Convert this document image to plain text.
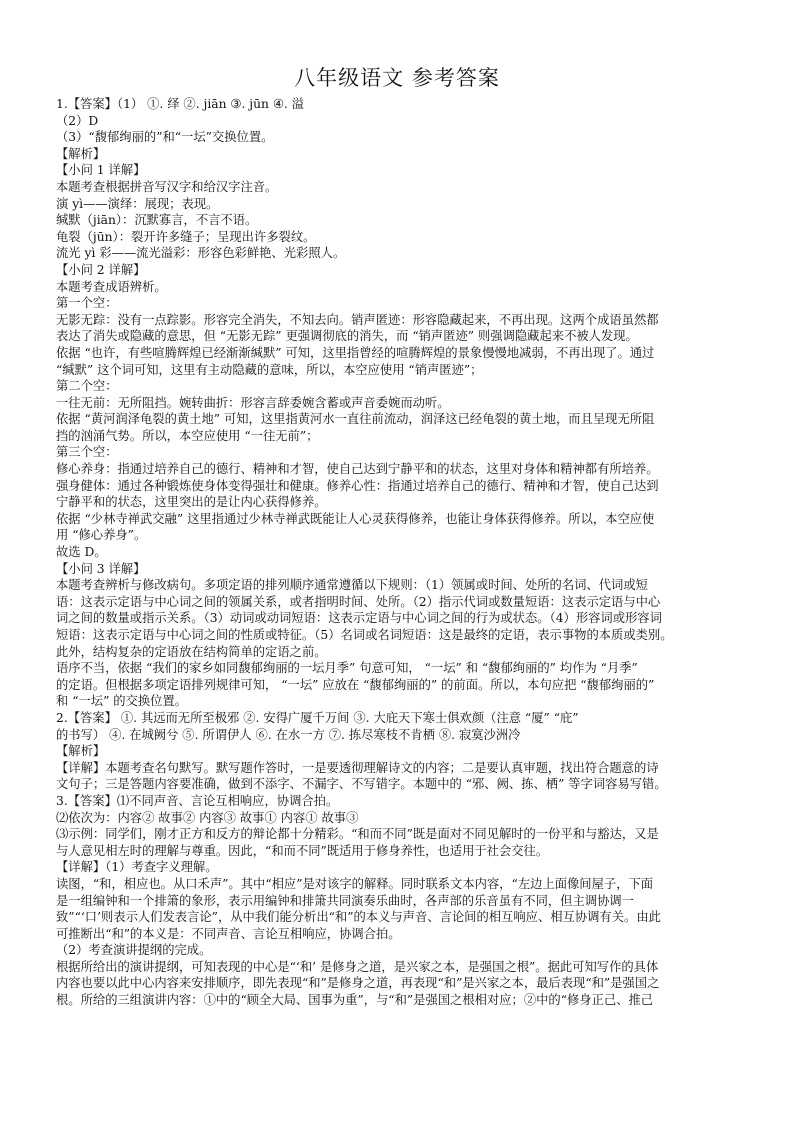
八年级语文 参考答案
1.【答案】（1） ①. 绎 ②. jiān ③. jūn ④. 溢
（2）D
（3）“馥郁绚丽的”和“一坛”交换位置。
【解析】
【小问 1 详解】
本题考查根据拼音写汉字和给汉字注音。
演 yì——演绎：展现；表现。
缄默（jiān）：沉默寡言，不言不语。
龟裂（jūn）：裂开许多缝子；呈现出许多裂纹。
流光 yì 彩——流光溢彩：形容色彩鲜艳、光彩照人。
【小问 2 详解】
本题考查成语辨析。
第一个空：
无影无踪：没有一点踪影。形容完全消失，不知去向。销声匿迹：形容隐藏起来，不再出现。这两个成语虽然都
表达了消失或隐藏的意思，但 “无影无踪” 更强调彻底的消失，而 “销声匿迹” 则强调隐藏起来不被人发现。
依据 “也许，有些喧腾辉煌已经渐渐缄默” 可知，这里指曾经的喧腾辉煌的景象慢慢地减弱，不再出现了。通过
“缄默” 这个词可知，这里有主动隐藏的意味，所以，本空应使用 “销声匿迹”；
第二个空：
一往无前：无所阻挡。婉转曲折：形容言辞委婉含蓄或声音委婉而动听。
依据 “黄河润泽龟裂的黄土地” 可知，这里指黄河水一直往前流动，润泽这已经龟裂的黄土地，而且呈现无所阻
挡的汹涌气势。所以，本空应使用 “一往无前”；
第三个空：
修心养身：指通过培养自己的德行、精神和才智，使自己达到宁静平和的状态，这里对身体和精神都有所培养。
强身健体：通过各种锻炼使身体变得强壮和健康。修养心性：指通过培养自己的德行、精神和才智，使自己达到
宁静平和的状态，这里突出的是让内心获得修养。
依据 “少林寺禅武交融” 这里指通过少林寺禅武既能让人心灵获得修养，也能让身体获得修养。所以，本空应使
用 “修心养身”。
故选 D。
【小问 3 详解】
本题考查辨析与修改病句。多项定语的排列顺序通常遵循以下规则：（1）领属或时间、处所的名词、代词或短
语：这表示定语与中心词之间的领属关系，或者指明时间、处所。（2）指示代词或数量短语：这表示定语与中心
词之间的数量或指示关系。（3）动词或动词短语：这表示定语与中心词之间的行为或状态。（4）形容词或形容词
短语：这表示定语与中心词之间的性质或特征。（5）名词或名词短语：这是最终的定语，表示事物的本质或类别。
此外，结构复杂的定语放在结构简单的定语之前。
语序不当，依据 “我们的家乡如同馥郁绚丽的一坛月季” 句意可知， “一坛” 和 “馥郁绚丽的” 均作为 “月季”
的定语。但根据多项定语排列规律可知， “一坛” 应放在 “馥郁绚丽的” 的前面。所以，本句应把 “馥郁绚丽的”
和 “一坛” 的交换位置。
2.【答案】 ①. 其远而无所至极邪 ②. 安得广厦千万间 ③. 大庇天下寒士俱欢颜（注意 “厦” “庇”
的书写） ④. 在城阙兮 ⑤. 所谓伊人 ⑥. 在水一方 ⑦. 拣尽寒枝不肯栖 ⑧. 寂寞沙洲冷
【解析】
【详解】本题考查名句默写。默写题作答时，一是要透彻理解诗文的内容；二是要认真审题，找出符合题意的诗
文句子；三是答题内容要准确，做到不添字、不漏字、不写错字。本题中的 “邪、阙、拣、栖” 等字词容易写错。
3.【答案】⑴不同声音、言论互相响应，协调合拍。
⑵依次为：内容② 故事② 内容③ 故事① 内容① 故事③
⑶示例：同学们，刚才正方和反方的辩论都十分精彩。“和而不同”既是面对不同见解时的一份平和与豁达，又是
与人意见相左时的理解与尊重。因此，“和而不同”既适用于修身养性，也适用于社会交往。
【详解】（1）考查字义理解。
读图，“和，相应也。从口禾声”。其中“相应”是对该字的解释。同时联系文本内容，“左边上面像间屋子，下面
是一组编钟和一个排箫的象形，表示用编钟和排箫共同演奏乐曲时，各声部的乐音虽有不同，但主调协调一
致”“‘口’则表示人们发表言论”，从中我们能分析出“和”的本义与声音、言论间的相互响应、相互协调有关。由此
可推断出“和”的本义是：不同声音、言论互相响应，协调合拍。
（2）考查演讲提纲的完成。
根据所给出的演讲提纲，可知表现的中心是“‘和’ 是修身之道，是兴家之本，是强国之根”。据此可知写作的具体
内容也要以此中心内容来安排顺序，即先表现“和”是修身之道，再表现“和”是兴家之本，最后表现“和”是强国之
根。所给的三组演讲内容：①中的“顾全大局、国事为重”，与“和”是强国之根相对应；②中的“修身正己、推己
